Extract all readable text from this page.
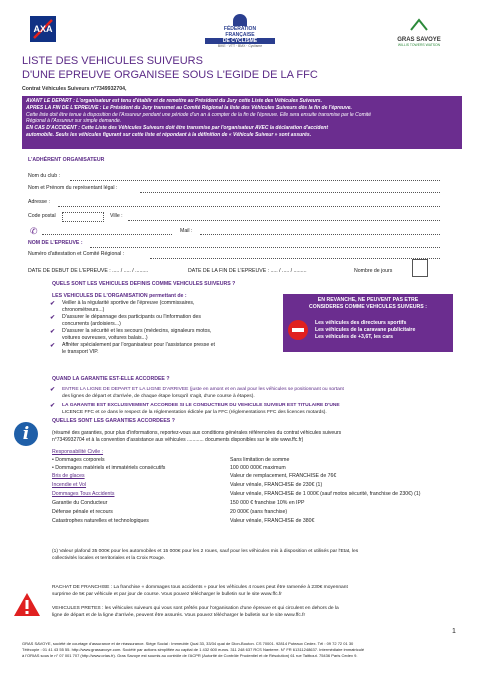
AXA	FÉDÉRATION
FRANÇAISE
DE CYCLISME
BIKE · VTT · BMX · Cyclisme
GRAS SAVOYE
WILLIS TOWERS WATSON
LISTE DES VEHICULES SUIVEURS
D'UNE EPREUVE ORGANISEE SOUS L'EGIDE DE LA FFC
Contrat Véhicules Suiveurs n°7349932704,
AVANT LE DEPART : L'organisateur est tenu d'établir et de remettre au Président du Jury cette Liste des Véhicules Suiveurs.
APRES LA FIN DE L'EPREUVE : Le Président du Jury transmet au Comité Régional la liste des Véhicules Suiveurs dès la fin de l'épreuve.
Cette liste doit être tenue à disposition de l'Assureur pendant une période d'un an à compter de la fin de l'épreuve. Elle sera ensuite transmise par le Comité
Régional à l'Assureur sur simple demande.
EN CAS D'ACCIDENT : Cette Liste des Véhicules Suiveurs doit être transmise par l'organisateur AVEC la déclaration d'accident
automobile. Seuls les véhicules figurant sur cette liste et répondant à la définition de « Véhicule Suiveur » sont assurés.
L'ADHÉRENT ORGANISATEUR
Nom du club :
Nom et Prénom du représentant légal :
Adresse :
Code postal	Ville :
✆	Mail :
NOM DE L'EPREUVE :
Numéro d'attestation et Comité Régional :
DATE DE DEBUT DE L'EPREUVE : ..... / ..... / .........	DATE DE LA FIN DE L'EPREUVE : ..... / ..... / .........	Nombre de jours
QUELS SONT LES VEHICULES DEFINIS COMME VEHICULES SUIVEURS ?
LES VEHICULES DE L'ORGANISATION permettant de :
✔ Veiller à la régularité sportive de l'épreuve (commissaires,
chronométreurs...)
✔ D'assurer le dépannage des participants ou l'information des
concurrents (ardoisiers...)
✔ D'assurer la sécurité et les secours (médecins, signaleurs motos,
voitures ouvreuses, voitures balais...)
✔ Affréter spécialement par l'organisateur pour l'assistance presse et
le transport VIP.
EN REVANCHE, NE PEUVENT PAS ETRE
CONSIDERES COMME VEHICULES SUIVEURS :
Les véhicules des directeurs sportifs
Les véhicules de la caravane publicitaire
Les véhicules de +3,6T, les cars
QUAND LA GARANTIE EST-ELLE ACCORDEE ?
✔ ENTRE LA LIGNE DE DEPART ET LA LIGNE D'ARRIVEE (juste en amont et en aval pour les véhicules se positionnant ou sortant
des lignes de départ et d'arrivée, de chaque étape lorsqu'il s'agit, d'une course à étapes).
✔ LA GARANTIE EST EXCLUSIVEMENT ACCORDEE SI LE CONDUCTEUR DU VEHICULE SUIVEUR EST TITULAIRE D'UNE
LICENCE FFC et ce dans le respect de la réglementation édictée par la FFC (réglementations FFC des licences motards).
i
QUELLES SONT LES GARANTIES ACCORDEES ?
(résumé des garanties, pour plus d'informations, reportez-vous aux conditions générales référencées du contrat véhicules suiveurs
n°7349932704 et à la convention d'assistance aux véhicules ............ documents disponibles sur le site www.ffc.fr)
Responsabilité Civile :
• Dommages corporels	Sans limitation de somme
• Dommages matériels et immatériels consécutifs	100 000 000€ maximum
Bris de glaces	Valeur de remplacement, FRANCHISE de 76€
Incendie et Vol	Valeur vénale, FRANCHISE de 230€ (1)
Dommages Tous Accidents	Valeur vénale, FRANCHISE de 1 000€ (sauf motos sécurité, franchise de 230€) (1)
Garantie du Conducteur	150 000 € franchise 10% en IPP
Défense pénale et recours	20 000€ (sans franchise)
Catastrophes naturelles et technologiques	Valeur vénale, FRANCHISE de 380€
(1) Valeur plafond 35 000€ pour les automobiles et 15 000€ pour les 2 roues, sauf pour les véhicules mis à disposition et utilisés par l'Etat, les
collectivités locales et territoriales et la Croix Rouge.
RACHAT DE FRANCHISE : La franchise « dommages tous accidents » pour les véhicules 4 roues peut être ramenée à 230€ moyennant
surprime de 5€ par véhicule et par jour de course. Vous pouvez télécharger le bulletin sur le site www.ffc.fr
VEHICULES PRETES : les véhicules suiveurs qui vous sont prêtés pour l'organisation d'une épreuve et qui circulent en dehors de la
ligne de départ et de la ligne d'arrivée, peuvent être assurés. Vous pouvez télécharger le bulletin sur le site www.ffc.fr
1
GRAS SAVOYE, société de courtage d'assurance et de réassurance. Siège Social : Immeuble Quai 33, 33/34 quai de Dion-Bouton. CS 70001. 92814 Puteaux Cedex. Tél : 09 72 72 01 30
Télécopie : 01 41 43 55 55. http://www.grassavoye.com. Société par actions simplifiée au capital de 1 432 600 euros. 311 248 637 RCS Nanterre. N° FR 61311248637. Intermédiaire immatriculé
à l'ORIAS sous le n° 07 001 707 (http://www.orias.fr). Gras Savoye est soumis au contrôle de l'ACPR (Autorité de Contrôle Prudentiel et de Résolution) 61 rue Taitbout. 75436 Paris Cedex 9.
